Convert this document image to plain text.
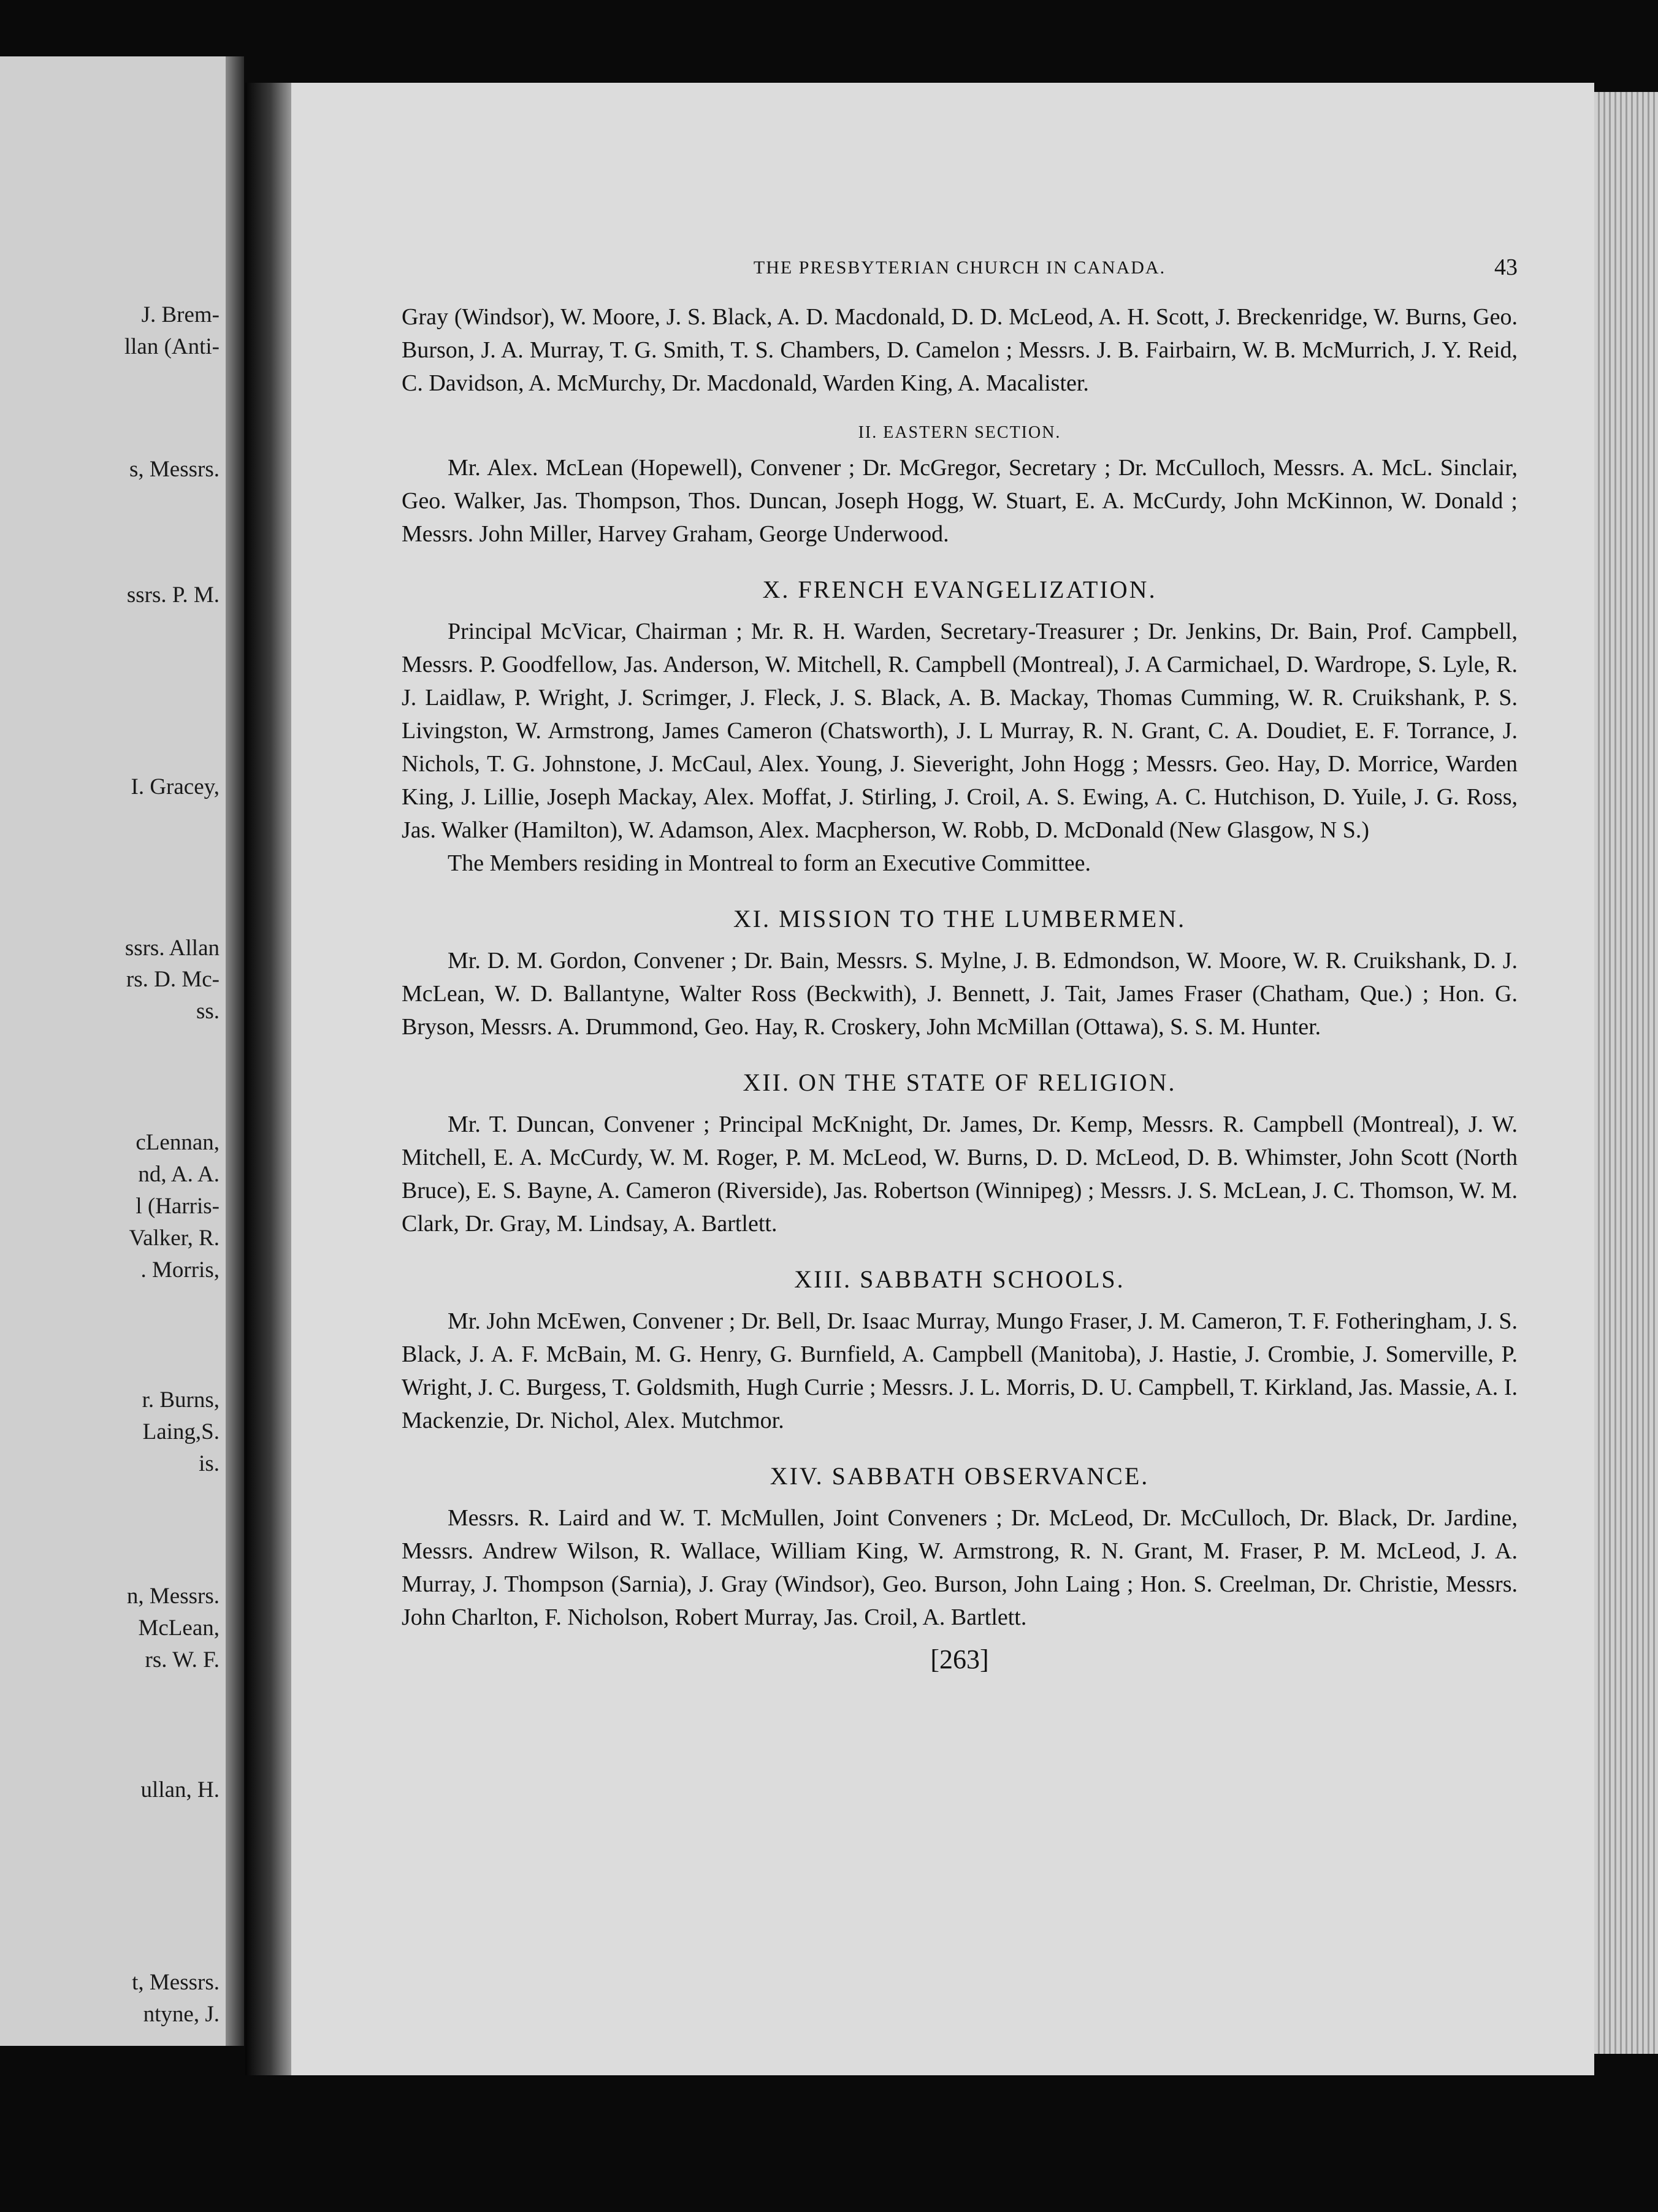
J. Brem-
llan (Anti-
s, Messrs.
ssrs. P. M.
I. Gracey,
ssrs. Allan
rs. D. Mc-
ss.
cLennan,
nd, A. A.
l (Harris-
Valker, R.
. Morris,
r. Burns,
Laing,S.
is.
n, Messrs.
McLean,
rs. W. F.
ullan, H.
t, Messrs.
ntyne, J.
THE PRESBYTERIAN CHURCH IN CANADA.	43

Gray (Windsor), W. Moore, J. S. Black, A. D. Macdonald, D. D. McLeod, A. H. Scott, J. Breckenridge, W. Burns, Geo. Burson, J. A. Murray, T. G. Smith, T. S. Chambers, D. Camelon ; Messrs. J. B. Fairbairn, W. B. McMurrich, J. Y. Reid, C. Davidson, A. McMurchy, Dr. Macdonald, Warden King, A. Macalister.

II. EASTERN SECTION.

Mr. Alex. McLean (Hopewell), Convener ; Dr. McGregor, Secretary ; Dr. McCulloch, Messrs. A. McL. Sinclair, Geo. Walker, Jas. Thompson, Thos. Duncan, Joseph Hogg, W. Stuart, E. A. McCurdy, John McKinnon, W. Donald ; Messrs. John Miller, Harvey Graham, George Underwood.

X. FRENCH EVANGELIZATION.

Principal McVicar, Chairman ; Mr. R. H. Warden, Secretary-Treasurer ; Dr. Jenkins, Dr. Bain, Prof. Campbell, Messrs. P. Goodfellow, Jas. Anderson, W. Mitchell, R. Campbell (Montreal), J. A Carmichael, D. Wardrope, S. Lyle, R. J. Laidlaw, P. Wright, J. Scrimger, J. Fleck, J. S. Black, A. B. Mackay, Thomas Cumming, W. R. Cruikshank, P. S. Livingston, W. Armstrong, James Cameron (Chatsworth), J. L Murray, R. N. Grant, C. A. Doudiet, E. F. Torrance, J. Nichols, T. G. Johnstone, J. McCaul, Alex. Young, J. Sieveright, John Hogg ; Messrs. Geo. Hay, D. Morrice, Warden King, J. Lillie, Joseph Mackay, Alex. Moffat, J. Stirling, J. Croil, A. S. Ewing, A. C. Hutchison, D. Yuile, J. G. Ross, Jas. Walker (Hamilton), W. Adamson, Alex. Macpherson, W. Robb, D. McDonald (New Glasgow, N S.)

The Members residing in Montreal to form an Executive Committee.

XI. MISSION TO THE LUMBERMEN.

Mr. D. M. Gordon, Convener ; Dr. Bain, Messrs. S. Mylne, J. B. Edmondson, W. Moore, W. R. Cruikshank, D. J. McLean, W. D. Ballantyne, Walter Ross (Beckwith), J. Bennett, J. Tait, James Fraser (Chatham, Que.) ; Hon. G. Bryson, Messrs. A. Drummond, Geo. Hay, R. Croskery, John McMillan (Ottawa), S. S. M. Hunter.

XII. ON THE STATE OF RELIGION.

Mr. T. Duncan, Convener ; Principal McKnight, Dr. James, Dr. Kemp, Messrs. R. Campbell (Montreal), J. W. Mitchell, E. A. McCurdy, W. M. Roger, P. M. McLeod, W. Burns, D. D. McLeod, D. B. Whimster, John Scott (North Bruce), E. S. Bayne, A. Cameron (Riverside), Jas. Robertson (Winnipeg) ; Messrs. J. S. McLean, J. C. Thomson, W. M. Clark, Dr. Gray, M. Lindsay, A. Bartlett.

XIII. SABBATH SCHOOLS.

Mr. John McEwen, Convener ; Dr. Bell, Dr. Isaac Murray, Mungo Fraser, J. M. Cameron, T. F. Fotheringham, J. S. Black, J. A. F. McBain, M. G. Henry, G. Burnfield, A. Campbell (Manitoba), J. Hastie, J. Crombie, J. Somerville, P. Wright, J. C. Burgess, T. Goldsmith, Hugh Currie ; Messrs. J. L. Morris, D. U. Campbell, T. Kirkland, Jas. Massie, A. I. Mackenzie, Dr. Nichol, Alex. Mutchmor.

XIV. SABBATH OBSERVANCE.

Messrs. R. Laird and W. T. McMullen, Joint Conveners ; Dr. McLeod, Dr. McCulloch, Dr. Black, Dr. Jardine, Messrs. Andrew Wilson, R. Wallace, William King, W. Armstrong, R. N. Grant, M. Fraser, P. M. McLeod, J. A. Murray, J. Thompson (Sarnia), J. Gray (Windsor), Geo. Burson, John Laing ; Hon. S. Creelman, Dr. Christie, Messrs. John Charlton, F. Nicholson, Robert Murray, Jas. Croil, A. Bartlett.

[263]
